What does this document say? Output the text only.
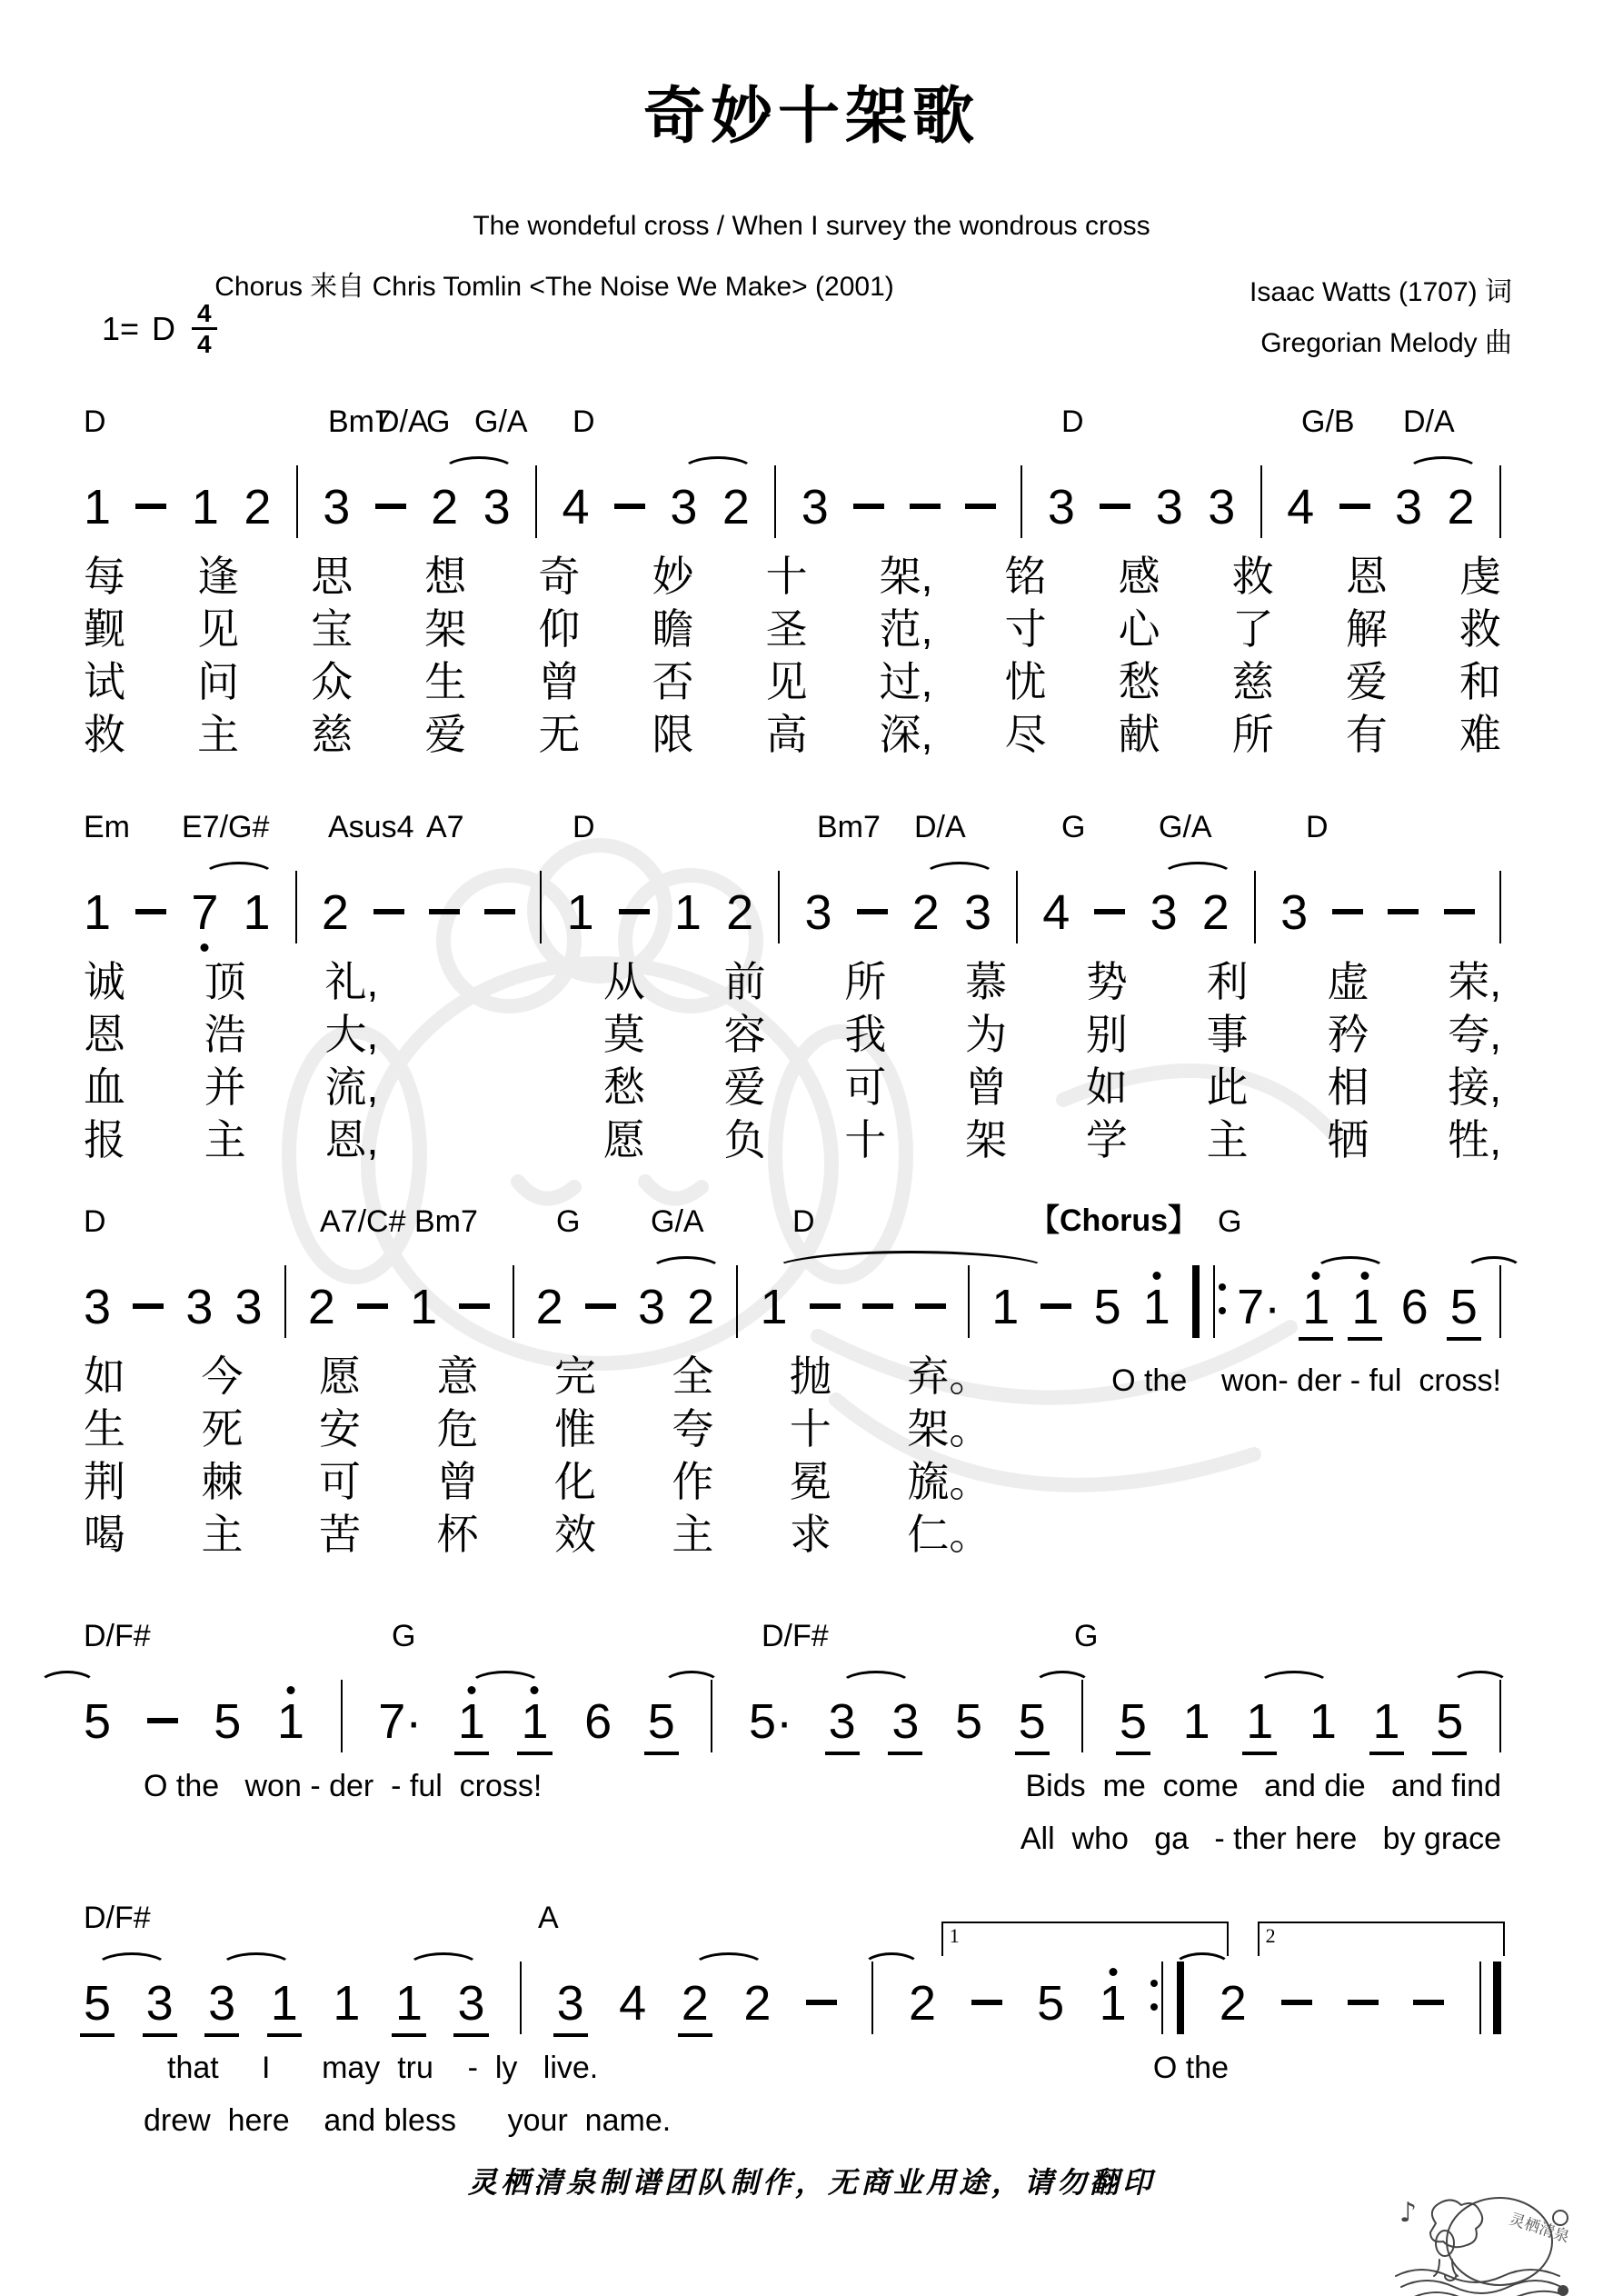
奇妙十架歌
The wondeful cross / When I survey the wondrous cross
Chorus 来自 Chris Tomlin <The Noise We Make> (2001)	Isaac Watts (1707) 词
Gregorian Melody 曲
1= D $\frac{4}{4}$
D	Bm7
D/A
G G/A D	D	G/B D/A
1 1 2 3 2 3 4 3 2 3	3 3 3 4 3 2
每 逢 思 想 奇 妙 十 架, 铭 感 救 恩 虔
觐 见 宝 架 仰 瞻 圣 范, 寸 心 了 解 救
试 问 众 生 曾 否 见 过, 忧 愁 慈 爱 和
救 主 慈 爱 无 限 高 深, 尽 献 所 有 难
Em E7/G# Asus4 A7	D	Bm7 D/A	G G/A	D
1 7 1 2	1 1 2 3 2 3 4 3 2 3
诚 顶 礼,	从 前 所 慕 势 利 虚 荣,
恩 浩 大,	莫 容 我 为 别 事 矜 夸,
血 并 流,	愁 爱 可 曾 如 此 相 接,
报 主 恩,	愿 负 十 架 学 主 牺 牲,
D	A7/C# Bm7	G G/A	D	【Chorus】 G
3 3 3 2 1 2 3 2 1	1 5 1 7· 1 1 6 5
如 今 愿 意 完 全 抛 弃。	O the    won- der - ful  cross!
生 死 安 危 惟 夸 十 架。
荆 棘 可 曾 化 作 冕 旒。
喝 主 苦 杯 效 主 求 仁。
D/F#	G	D/F#	G
5 5 1 7· 1 1 6 5 5· 3 3 5 5 5 1 1 1 1 5
O the   won - der  - ful  cross!	Bids  me  come   and die   and find
All  who   ga   - ther here   by grace
D/F#	A
1	2
5 3 3 1 1 1 3 3 4 2 2	2 5 1 2
that     I      may  tru    -  ly   live.	O the
drew  here    and bless      your  name.
灵栖清泉制谱团队制作，无商业用途，请勿翻印
♪	灵栖清泉
